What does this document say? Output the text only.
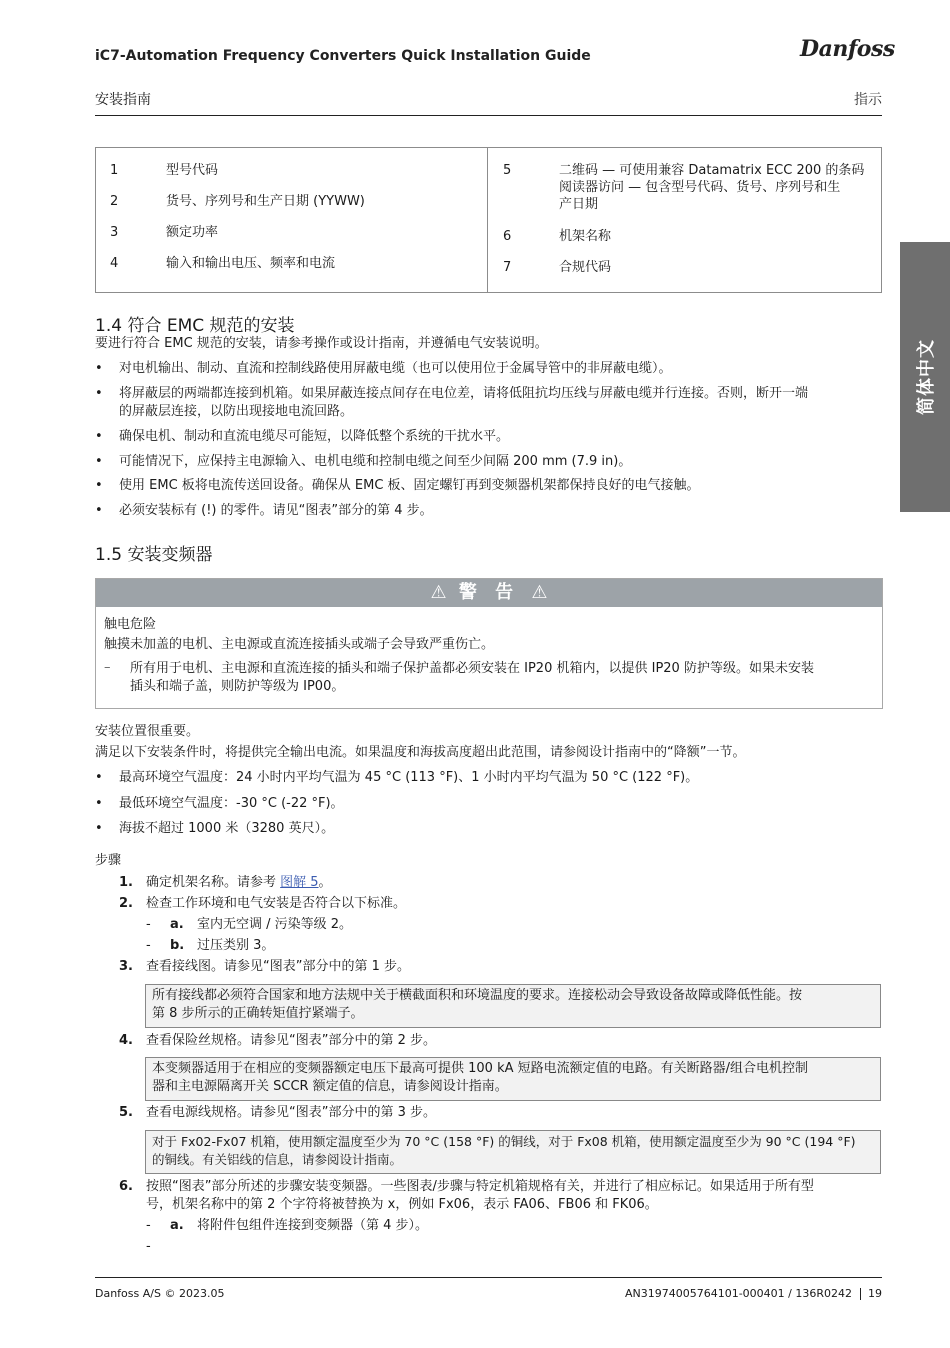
iC7-Automation Frequency Converters Quick Installation Guide	Danfoss
安装指南	指示
简体中文
1	型号代码
2	货号、序列号和生产日期 (YYWW)
3	额定功率
4	输入和输出电压、频率和电流
5	二维码 — 可使用兼容 Datamatrix ECC 200 的条码
阅读器访问 — 包含型号代码、货号、序列号和生
产日期
6	机架名称
7	合规代码
1.4 符合 EMC 规范的安装
要进行符合 EMC 规范的安装，请参考操作或设计指南，并遵循电气安装说明。
• 对电机输出、制动、直流和控制线路使用屏蔽电缆（也可以使用位于金属导管中的非屏蔽电缆）。
• 将屏蔽层的两端都连接到机箱。如果屏蔽连接点间存在电位差，请将低阻抗均压线与屏蔽电缆并行连接。否则，断开一端
的屏蔽层连接，以防出现接地电流回路。
• 确保电机、制动和直流电缆尽可能短，以降低整个系统的干扰水平。
• 可能情况下，应保持主电源输入、电机电缆和控制电缆之间至少间隔 200 mm (7.9 in)。
• 使用 EMC 板将电流传送回设备。确保从 EMC 板、固定螺钉再到变频器机架都保持良好的电气接触。
• 必须安装标有 (!) 的零件。请见“图表”部分的第 4 步。
1.5 安装变频器
⚠ 警 告 ⚠
触电危险
触摸未加盖的电机、主电源或直流连接插头或端子会导致严重伤亡。
– 所有用于电机、主电源和直流连接的插头和端子保护盖都必须安装在 IP20 机箱内，以提供 IP20 防护等级。如果未安装
插头和端子盖，则防护等级为 IP00。
安装位置很重要。
满足以下安装条件时，将提供完全输出电流。如果温度和海拔高度超出此范围，请参阅设计指南中的“降额”一节。
• 最高环境空气温度：24 小时内平均气温为 45 °C (113 °F)、1 小时内平均气温为 50 °C (122 °F)。
• 最低环境空气温度：-30 °C (-22 °F)。
• 海拔不超过 1000 米（3280 英尺）。
步骤
1. 确定机架名称。请参考 图解 5。
2. 检查工作环境和电气安装是否符合以下标准。
- a. 室内无空调 / 污染等级 2。
- b. 过压类别 3。
3. 查看接线图。请参见“图表”部分中的第 1 步。
所有接线都必须符合国家和地方法规中关于横截面积和环境温度的要求。连接松动会导致设备故障或降低性能。按
第 8 步所示的正确转矩值拧紧端子。
4. 查看保险丝规格。请参见“图表”部分中的第 2 步。
本变频器适用于在相应的变频器额定电压下最高可提供 100 kA 短路电流额定值的电路。有关断路器/组合电机控制
器和主电源隔离开关 SCCR 额定值的信息，请参阅设计指南。
5. 查看电源线规格。请参见“图表”部分中的第 3 步。
对于 Fx02-Fx07 机箱，使用额定温度至少为 70 °C (158 °F) 的铜线，对于 Fx08 机箱，使用额定温度至少为 90 °C (194 °F)
的铜线。有关铝线的信息，请参阅设计指南。
6. 按照“图表”部分所述的步骤安装变频器。一些图表/步骤与特定机箱规格有关，并进行了相应标记。如果适用于所有型
号，机架名称中的第 2 个字符将被替换为 x，例如 Fx06，表示 FA06、FB06 和 FK06。
- a. 将附件包组件连接到变频器（第 4 步）。
-
Danfoss A/S © 2023.05	AN31974005764101-000401 / 136R0242 19
